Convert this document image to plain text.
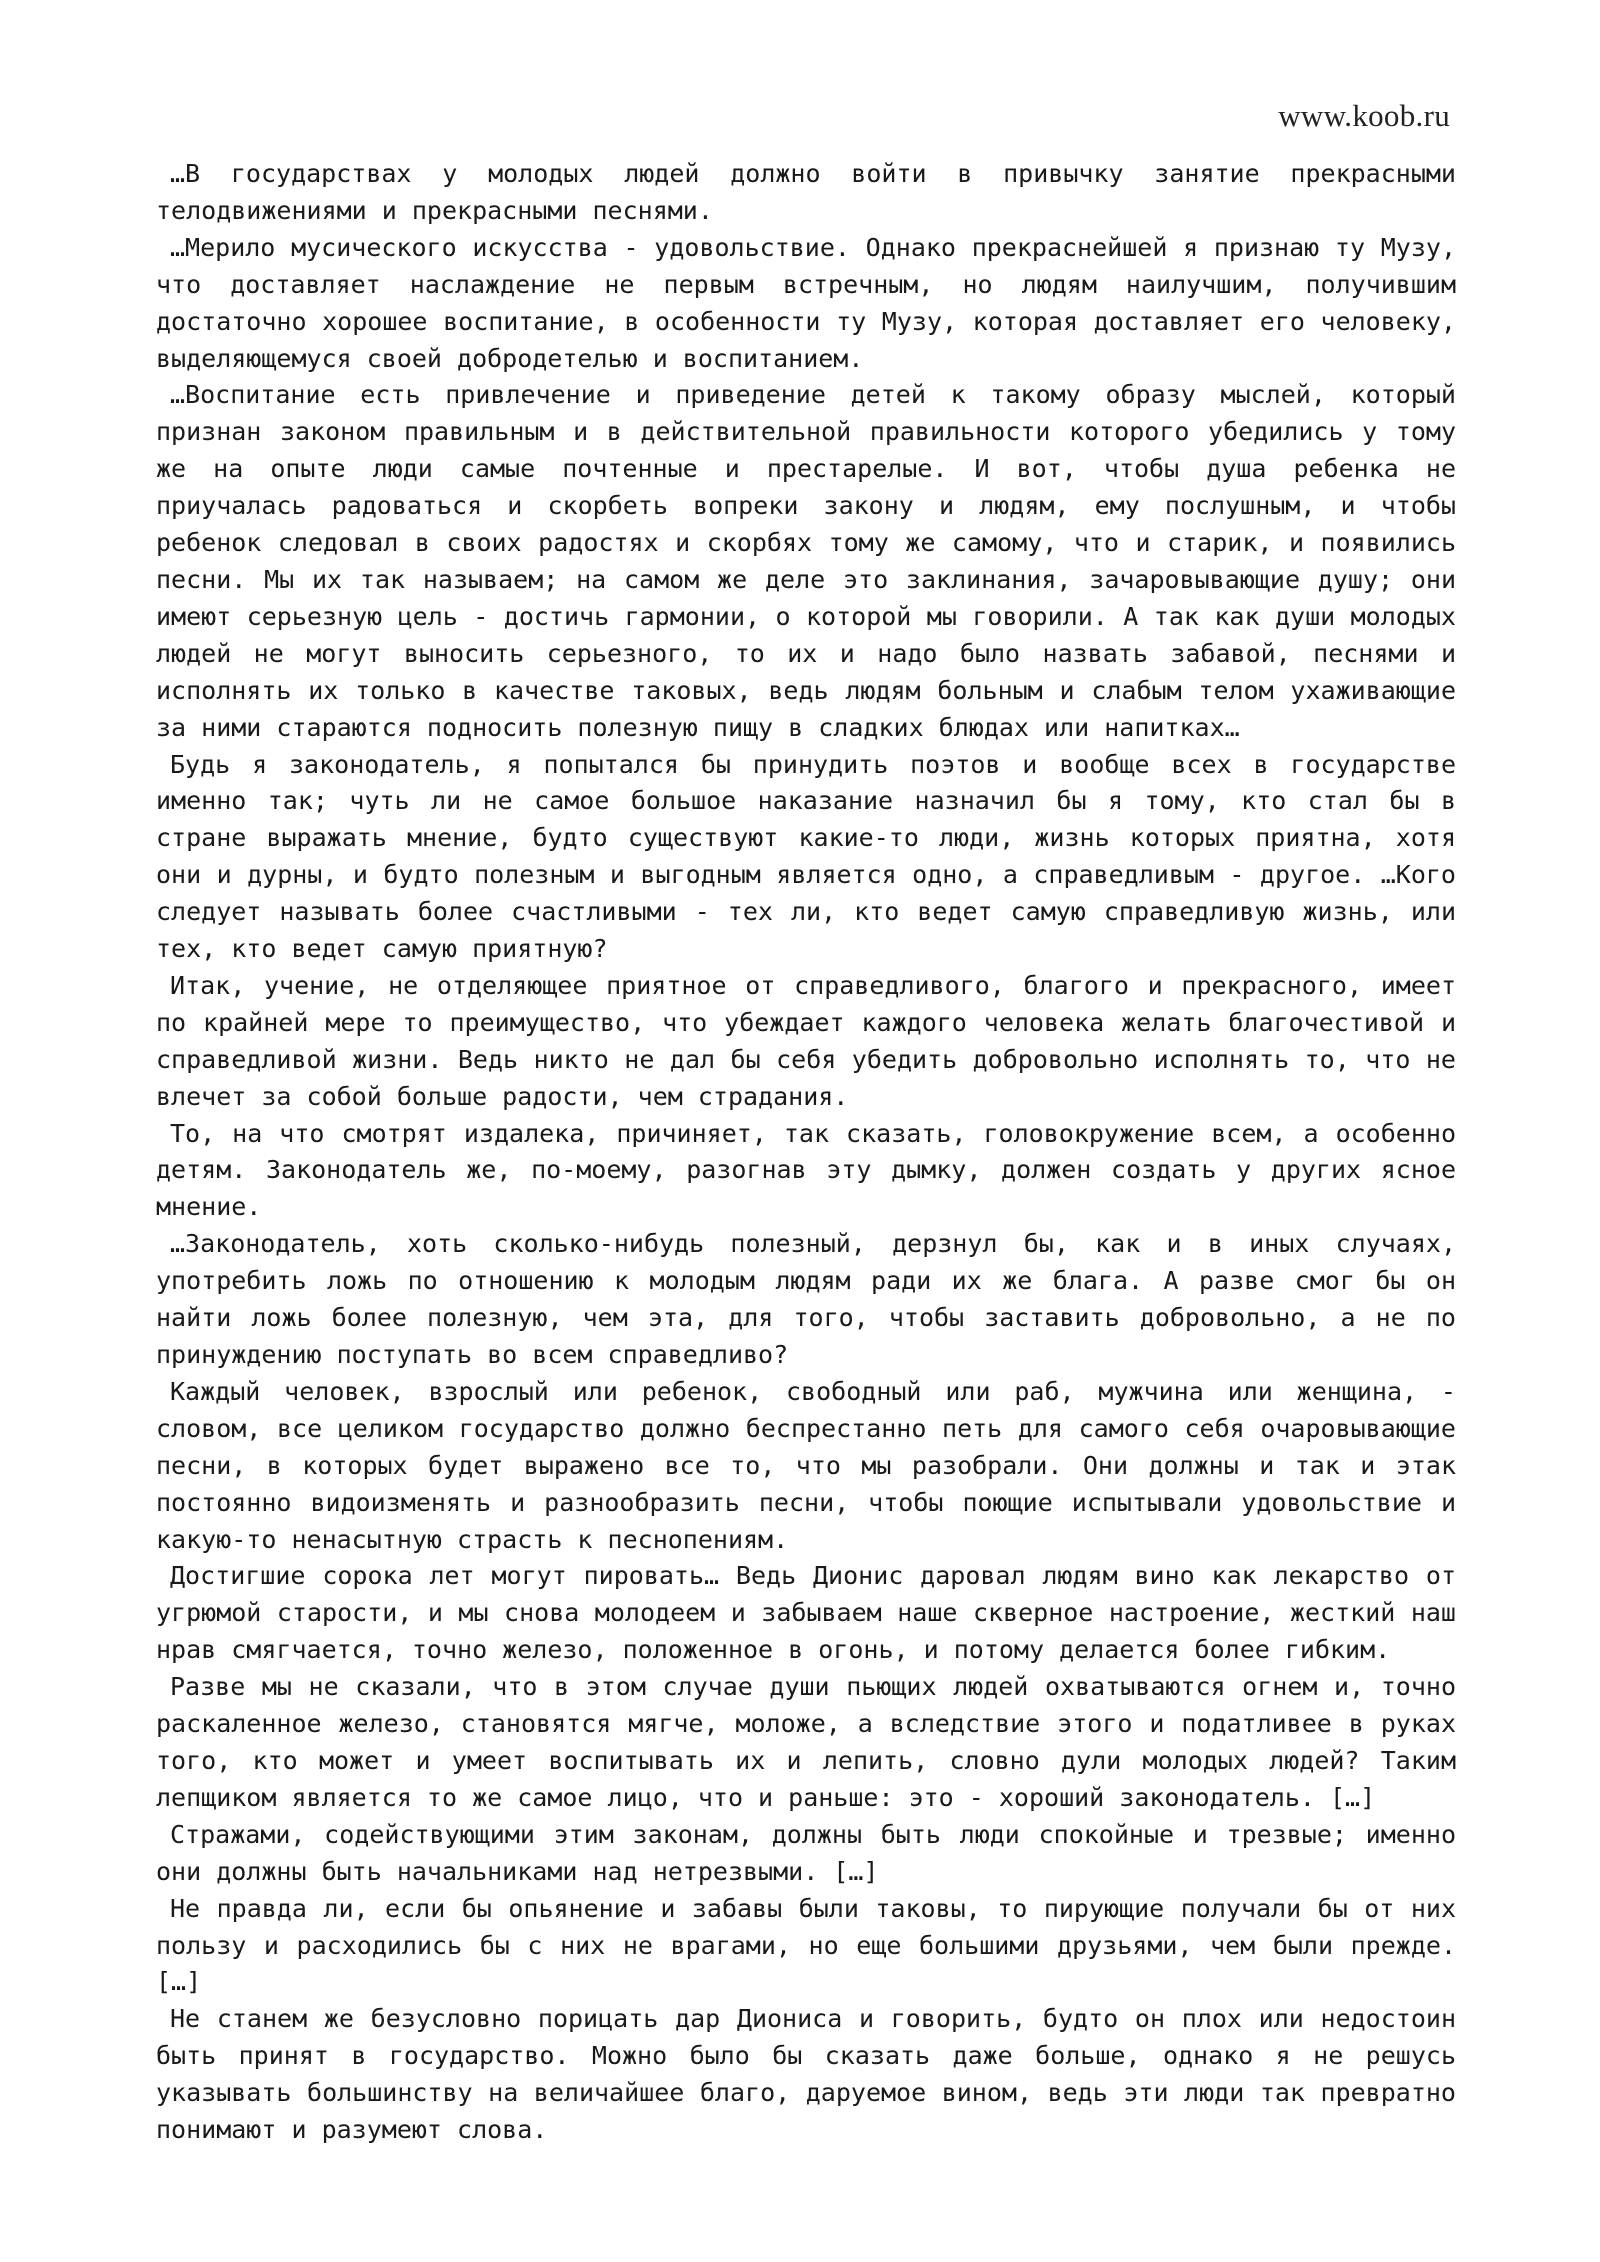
www.koob.ru

…В государствах у молодых людей должно войти в привычку занятие прекрасными телодвижениями и прекрасными песнями.

…Мерило мусического искусства - удовольствие. Однако прекраснейшей я признаю ту Музу, что доставляет наслаждение не первым встречным, но людям наилучшим, получившим достаточно хорошее воспитание, в особенности ту Музу, которая доставляет его человеку, выделяющемуся своей добродетелью и воспитанием.

…Воспитание есть привлечение и приведение детей к такому образу мыслей, который признан законом правильным и в действительной правильности которого убедились у тому же на опыте люди самые почтенные и престарелые. И вот, чтобы душа ребенка не приучалась радоваться и скорбеть вопреки закону и людям, ему послушным, и чтобы ребенок следовал в своих радостях и скорбях тому же самому, что и старик, и появились песни. Мы их так называем; на самом же деле это заклинания, зачаровывающие душу; они имеют серьезную цель - достичь гармонии, о которой мы говорили. А так как души молодых людей не могут выносить серьезного, то их и надо было назвать забавой, песнями и исполнять их только в качестве таковых, ведь людям больным и слабым телом ухаживающие за ними стараются подносить полезную пищу в сладких блюдах или напитках…

Будь я законодатель, я попытался бы принудить поэтов и вообще всех в государстве именно так; чуть ли не самое большое наказание назначил бы я тому, кто стал бы в стране выражать мнение, будто существуют какие-то люди, жизнь которых приятна, хотя они и дурны, и будто полезным и выгодным является одно, а справедливым - другое. …Кого следует называть более счастливыми - тех ли, кто ведет самую справедливую жизнь, или тех, кто ведет самую приятную?

Итак, учение, не отделяющее приятное от справедливого, благого и прекрасного, имеет по крайней мере то преимущество, что убеждает каждого человека желать благочестивой и справедливой жизни. Ведь никто не дал бы себя убедить добровольно исполнять то, что не влечет за собой больше радости, чем страдания.

То, на что смотрят издалека, причиняет, так сказать, головокружение всем, а особенно детям. Законодатель же, по-моему, разогнав эту дымку, должен создать у других ясное мнение.

…Законодатель, хоть сколько-нибудь полезный, дерзнул бы, как и в иных случаях, употребить ложь по отношению к молодым людям ради их же блага. А разве смог бы он найти ложь более полезную, чем эта, для того, чтобы заставить добровольно, а не по принуждению поступать во всем справедливо?

Каждый человек, взрослый или ребенок, свободный или раб, мужчина или женщина, - словом, все целиком государство должно беспрестанно петь для самого себя очаровывающие песни, в которых будет выражено все то, что мы разобрали. Они должны и так и этак постоянно видоизменять и разнообразить песни, чтобы поющие испытывали удовольствие и какую-то ненасытную страсть к песнопениям.

Достигшие сорока лет могут пировать… Ведь Дионис даровал людям вино как лекарство от угрюмой старости, и мы снова молодеем и забываем наше скверное настроение, жесткий наш нрав смягчается, точно железо, положенное в огонь, и потому делается более гибким.

Разве мы не сказали, что в этом случае души пьющих людей охватываются огнем и, точно раскаленное железо, становятся мягче, моложе, а вследствие этого и податливее в руках того, кто может и умеет воспитывать их и лепить, словно дули молодых людей? Таким лепщиком является то же самое лицо, что и раньше: это - хороший законодатель. […]

Стражами, содействующими этим законам, должны быть люди спокойные и трезвые; именно они должны быть начальниками над нетрезвыми. […]

Не правда ли, если бы опьянение и забавы были таковы, то пирующие получали бы от них пользу и расходились бы с них не врагами, но еще большими друзьями, чем были прежде. […]

Не станем же безусловно порицать дар Диониса и говорить, будто он плох или недостоин быть принят в государство. Можно было бы сказать даже больше, однако я не решусь указывать большинству на величайшее благо, даруемое вином, ведь эти люди так превратно понимают и разумеют слова.
